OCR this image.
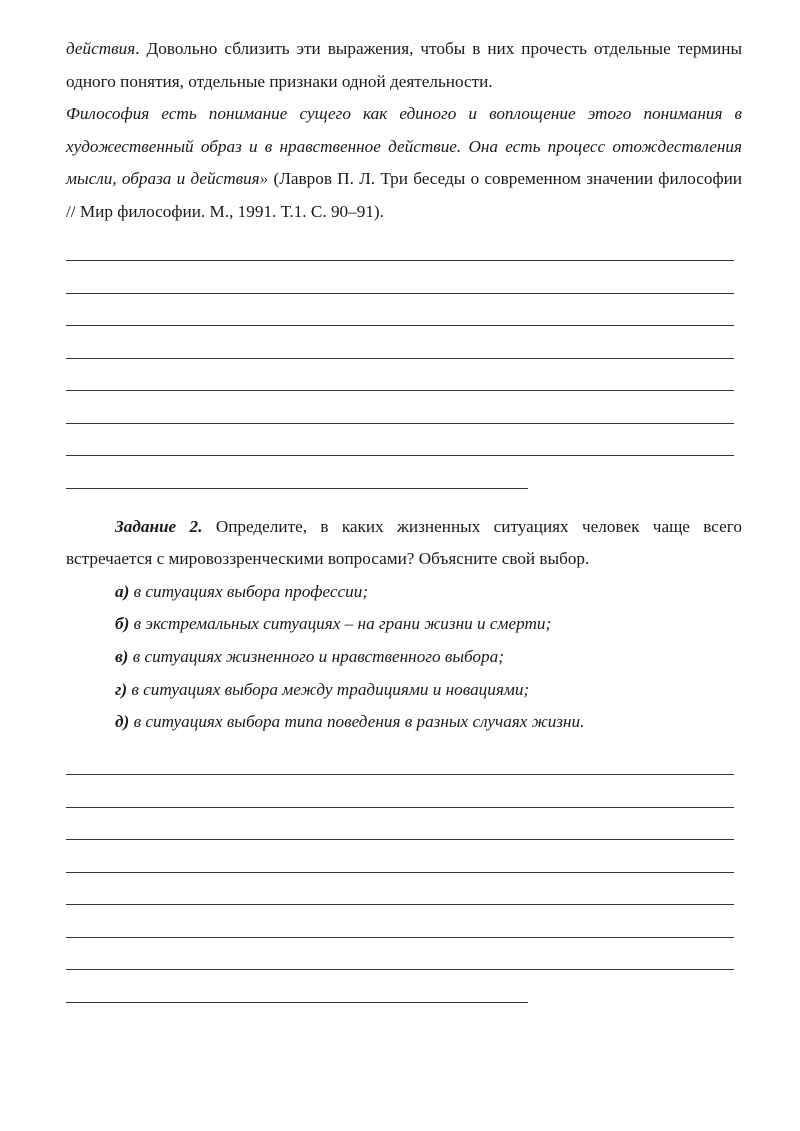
действия. Довольно сблизить эти выражения, чтобы в них прочесть отдельные термины одного понятия, отдельные признаки одной деятельности.

Философия есть понимание сущего как единого и воплощение этого понимания в художественный образ и в нравственное действие. Она есть процесс отождествления мысли, образа и действия» (Лавров П. Л. Три беседы о современном значении философии // Мир философии. М., 1991. Т.1. С. 90–91).

Задание 2. Определите, в каких жизненных ситуациях человек чаще всего встречается с мировоззренческими вопросами? Объясните свой выбор.

а) в ситуациях выбора профессии;

б) в экстремальных ситуациях – на грани жизни и смерти;

в) в ситуациях жизненного и нравственного выбора;

г) в ситуациях выбора между традициями и новациями;

д) в ситуациях выбора типа поведения в разных случаях жизни.
